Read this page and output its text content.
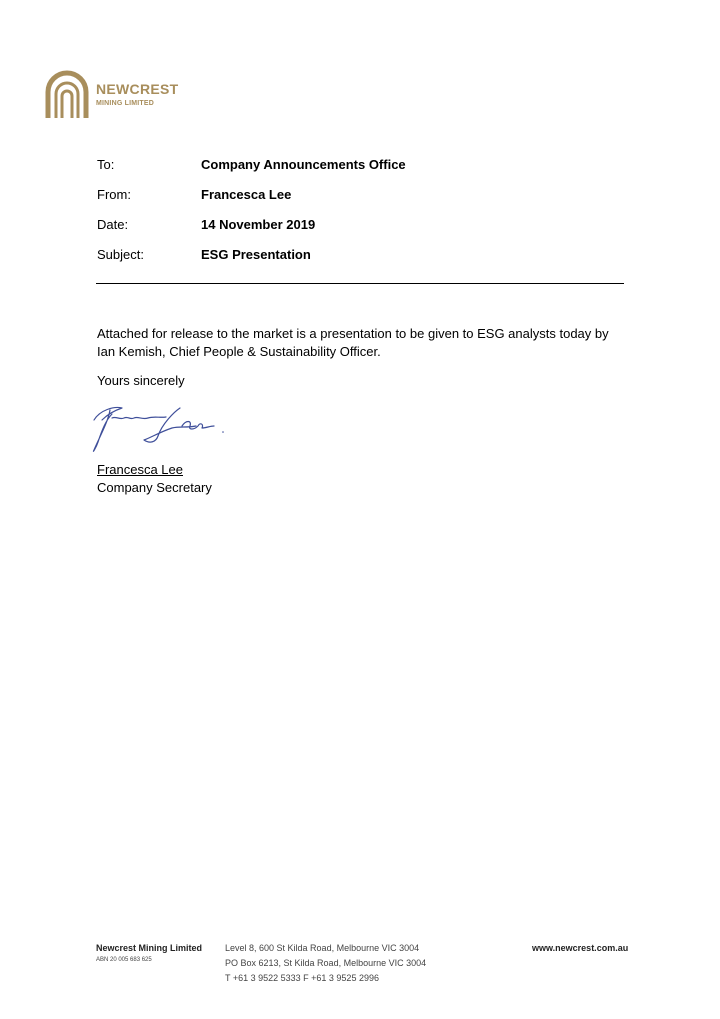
NEWCREST
MINING LIMITED
To:	Company Announcements Office
From:	Francesca Lee
Date:	14 November 2019
Subject:	ESG Presentation
Attached for release to the market is a presentation to be given to ESG analysts today by Ian Kemish, Chief People & Sustainability Officer.
Yours sincerely
Francesca Lee
Company Secretary
Newcrest Mining Limited
ABN 20 005 683 625
Level 8, 600 St Kilda Road, Melbourne VIC 3004
PO Box 6213, St Kilda Road, Melbourne VIC 3004
T +61 3 9522 5333 F +61 3 9525 2996
www.newcrest.com.au
